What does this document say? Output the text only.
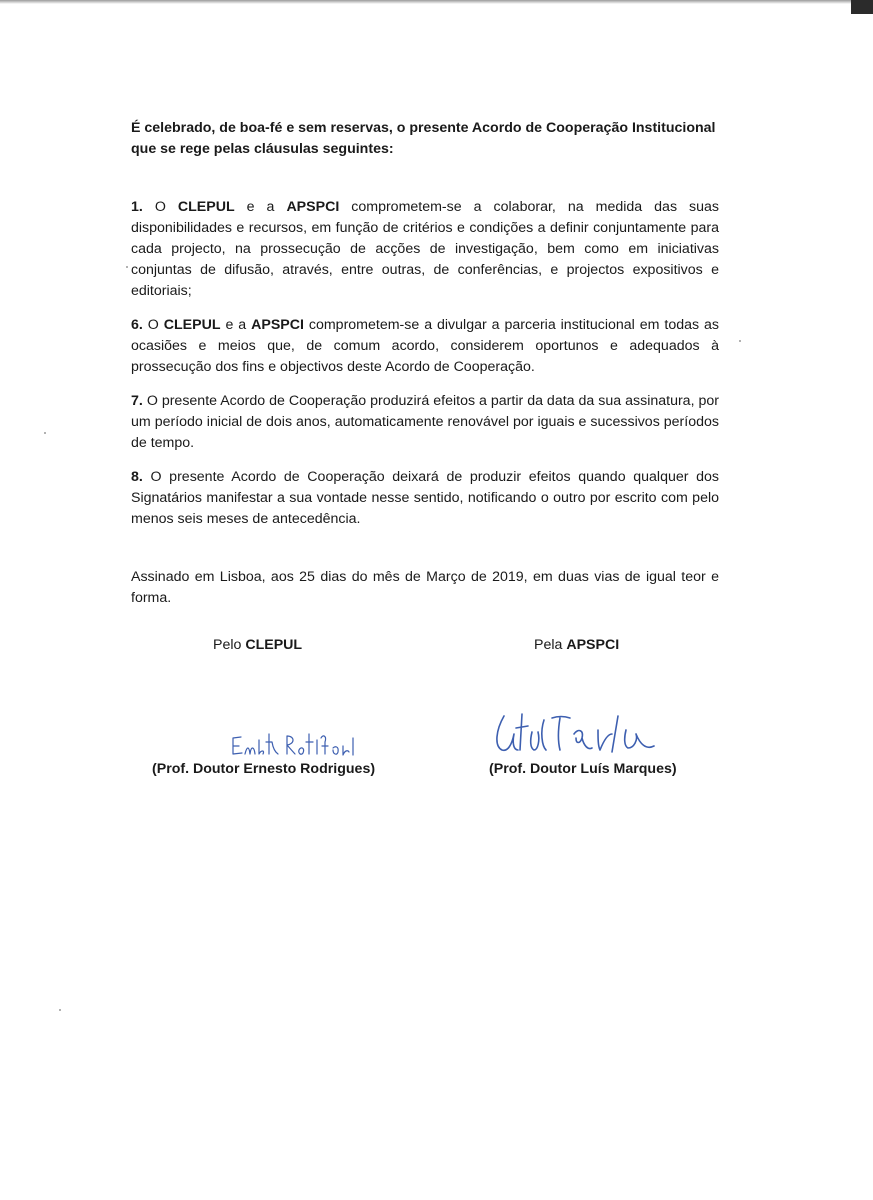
É celebrado, de boa-fé e sem reservas, o presente Acordo de Cooperação Institucional que se rege pelas cláusulas seguintes:

1. O CLEPUL e a APSPCI comprometem-se a colaborar, na medida das suas disponibilidades e recursos, em função de critérios e condições a definir conjuntamente para cada projecto, na prossecução de acções de investigação, bem como em iniciativas conjuntas de difusão, através, entre outras, de conferências, e projectos expositivos e editoriais;

6. O CLEPUL e a APSPCI comprometem-se a divulgar a parceria institucional em todas as ocasiões e meios que, de comum acordo, considerem oportunos e adequados à prossecução dos fins e objectivos deste Acordo de Cooperação.

7. O presente Acordo de Cooperação produzirá efeitos a partir da data da sua assinatura, por um período inicial de dois anos, automaticamente renovável por iguais e sucessivos períodos de tempo.

8. O presente Acordo de Cooperação deixará de produzir efeitos quando qualquer dos Signatários manifestar a sua vontade nesse sentido, notificando o outro por escrito com pelo menos seis meses de antecedência.

Assinado em Lisboa, aos 25 dias do mês de Março de 2019, em duas vias de igual teor e forma.

Pelo CLEPUL	Pela APSPCI
(Prof. Doutor Ernesto Rodrigues)	(Prof. Doutor Luís Marques)
